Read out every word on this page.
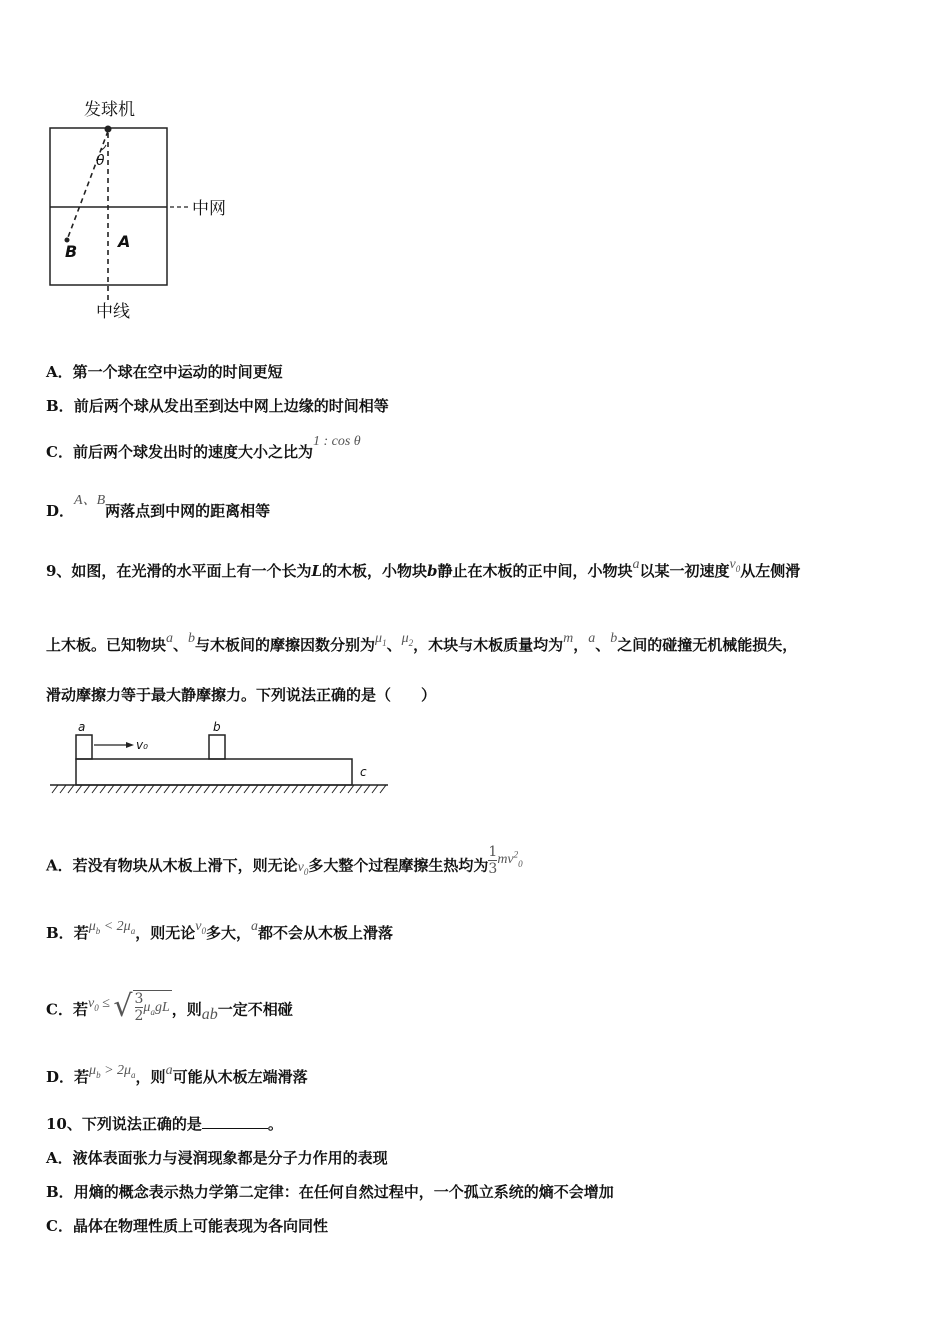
发球机
中网
中线
B
A
θ
A．第一个球在空中运动的时间更短
B．前后两个球从发出至到达中网上边缘的时间相等
C．前后两个球发出时的速度大小之比为1 : cos θ
D．A、B两落点到中网的距离相等
9、如图，在光滑的水平面上有一个长为L的木板，小物块b静止在木板的正中间，小物块a以某一初速度$v_0$从左侧滑
上木板。已知物块a、b与木板间的摩擦因数分别为$\mu_1$、$\mu_2$，木块与木板质量均为m，a、b之间的碰撞无机械能损失，
滑动摩擦力等于最大静摩擦力。下列说法正确的是（　　）
a	b
v₀
c
A．若没有物块从木板上滑下，则无论$v_0$多大整个过程摩擦生热均为$\frac{1}{3} mv^2_0$
B．若$\mu_b < 2\mu_a$，则无论$v_0$多大，a都不会从木板上滑落
C．若$v_0$ ≤ √ $\frac{3}{2} \mu_agL$ ，则ab一定不相碰
D．若$\mu_b > 2\mu_a$，则a可能从木板左端滑落
10、下列说法正确的是	。
A．液体表面张力与浸润现象都是分子力作用的表现
B．用熵的概念表示热力学第二定律：在任何自然过程中，一个孤立系统的熵不会增加
C．晶体在物理性质上可能表现为各向同性
